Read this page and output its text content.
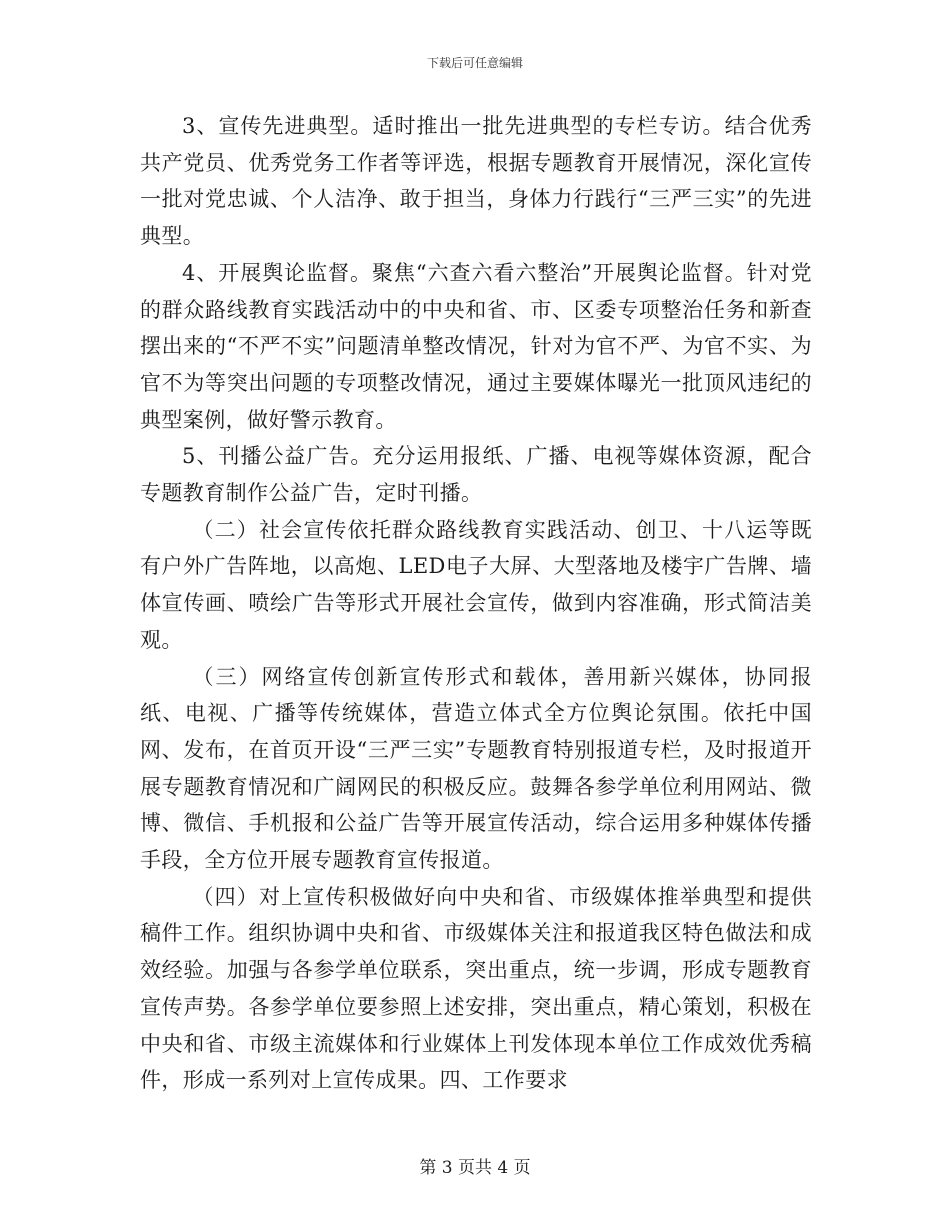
下载后可任意编辑

3、宣传先进典型。适时推出一批先进典型的专栏专访。结合优秀共产党员、优秀党务工作者等评选，根据专题教育开展情况，深化宣传一批对党忠诚、个人洁净、敢于担当，身体力行践行“三严三实”的先进典型。

4、开展舆论监督。聚焦“六查六看六整治”开展舆论监督。针对党的群众路线教育实践活动中的中央和省、市、区委专项整治任务和新查摆出来的“不严不实”问题清单整改情况，针对为官不严、为官不实、为官不为等突出问题的专项整改情况，通过主要媒体曝光一批顶风违纪的典型案例，做好警示教育。

5、刊播公益广告。充分运用报纸、广播、电视等媒体资源，配合专题教育制作公益广告，定时刊播。

（二）社会宣传依托群众路线教育实践活动、创卫、十八运等既有户外广告阵地，以高炮、LED电子大屏、大型落地及楼宇广告牌、墙体宣传画、喷绘广告等形式开展社会宣传，做到内容准确，形式简洁美观。

（三）网络宣传创新宣传形式和载体，善用新兴媒体，协同报纸、电视、广播等传统媒体，营造立体式全方位舆论氛围。依托中国网、发布，在首页开设“三严三实”专题教育特别报道专栏，及时报道开展专题教育情况和广阔网民的积极反应。鼓舞各参学单位利用网站、微博、微信、手机报和公益广告等开展宣传活动，综合运用多种媒体传播手段，全方位开展专题教育宣传报道。

（四）对上宣传积极做好向中央和省、市级媒体推举典型和提供稿件工作。组织协调中央和省、市级媒体关注和报道我区特色做法和成效经验。加强与各参学单位联系，突出重点，统一步调，形成专题教育宣传声势。各参学单位要参照上述安排，突出重点，精心策划，积极在中央和省、市级主流媒体和行业媒体上刊发体现本单位工作成效优秀稿件，形成一系列对上宣传成果。四、工作要求

第 3 页共 4 页
